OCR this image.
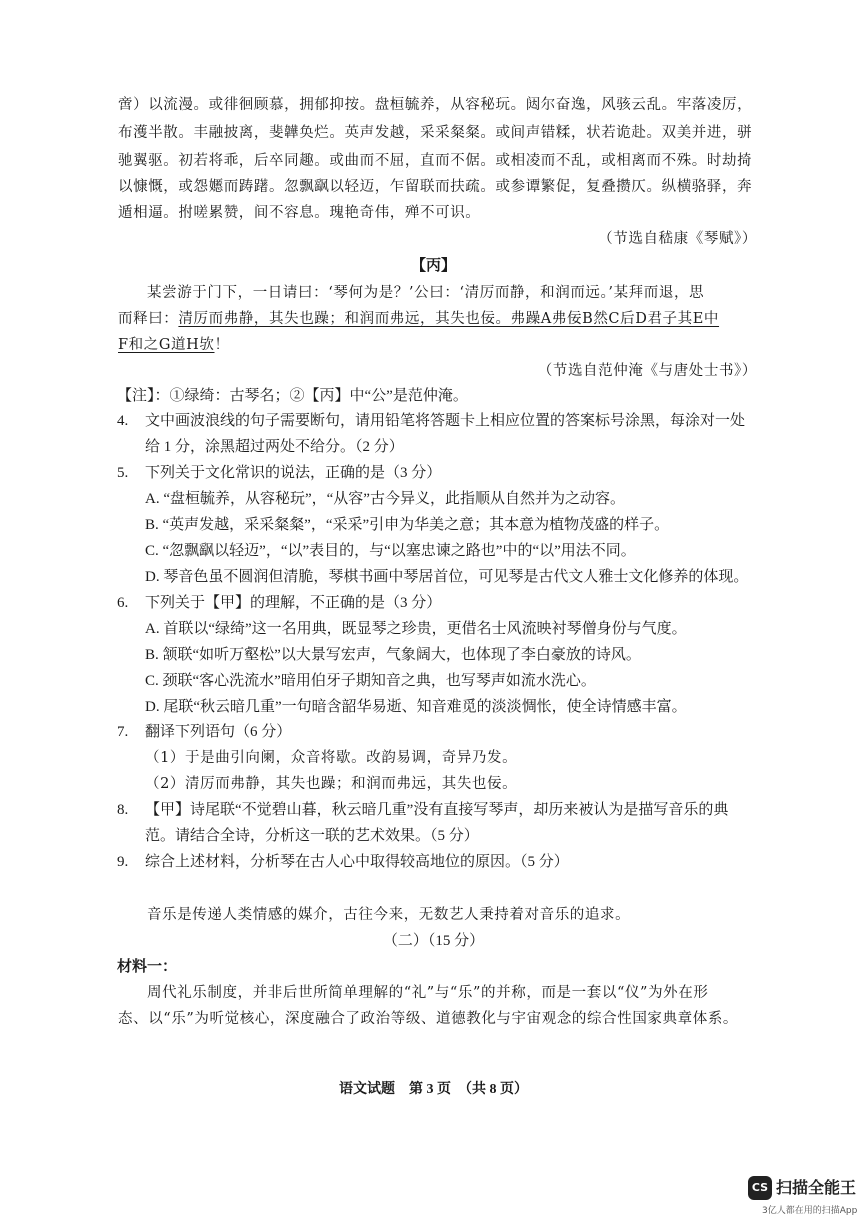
啻）以流漫。或徘徊顾慕，拥郁抑按。盘桓毓养，从容秘玩。闼尔奋逸，风骇云乱。牢落凌厉，
布濩半散。丰融披离，斐韡奂烂。英声发越，采采粲粲。或间声错糅，状若诡赴。双美并进，骈
驰翼驱。初若将乖，后卒同趣。或曲而不屈，直而不倨。或相凌而不乱，或相离而不殊。时劫掎
以慷慨，或怨嬺而踌躇。忽飘飖以轻迈，乍留联而扶疏。或参谭繁促，复叠攒仄。纵横骆驿，奔
遁相逼。拊嗟累赞，间不容息。瑰艳奇伟，殚不可识。
（节选自嵇康《琴赋》）
【丙】
某尝游于门下，一日请曰：‘琴何为是？’公曰：‘清厉而静，和润而远。’某拜而退，思
而释曰：清厉而弗静，其失也躁；和润而弗远，其失也佞。弗躁A弗佞B然C后D君子其E中
F和之G道H欤！
（节选自范仲淹《与唐处士书》）
【注】：①绿绮：古琴名；②【丙】中“公”是范仲淹。
4. 文中画波浪线的句子需要断句，请用铅笔将答题卡上相应位置的答案标号涂黑，每涂对一处
给 1 分，涂黑超过两处不给分。（2 分）
5. 下列关于文化常识的说法，正确的是（3 分）
A. “盘桓毓养，从容秘玩”，“从容”古今异义，此指顺从自然并为之动容。
B. “英声发越，采采粲粲”，“采采”引申为华美之意；其本意为植物茂盛的样子。
C. “忽飘飖以轻迈”，“以”表目的，与“以塞忠谏之路也”中的“以”用法不同。
D. 琴音色虽不圆润但清脆，琴棋书画中琴居首位，可见琴是古代文人雅士文化修养的体现。
6. 下列关于【甲】的理解，不正确的是（3 分）
A. 首联以“绿绮”这一名用典，既显琴之珍贵，更借名士风流映衬琴僧身份与气度。
B. 颔联“如听万壑松”以大景写宏声，气象阔大，也体现了李白豪放的诗风。
C. 颈联“客心洗流水”暗用伯牙子期知音之典，也写琴声如流水洗心。
D. 尾联“秋云暗几重”一句暗含韶华易逝、知音难觅的淡淡惆怅，使全诗情感丰富。
7. 翻译下列语句（6 分）
（1）于是曲引向阑，众音将歇。改韵易调，奇异乃发。
（2）清厉而弗静，其失也躁；和润而弗远，其失也佞。
8. 【甲】诗尾联“不觉碧山暮，秋云暗几重”没有直接写琴声，却历来被认为是描写音乐的典
范。请结合全诗，分析这一联的艺术效果。（5 分）
9. 综合上述材料，分析琴在古人心中取得较高地位的原因。（5 分）
音乐是传递人类情感的媒介，古往今来，无数艺人秉持着对音乐的追求。
（二）（15 分）
材料一：
周代礼乐制度，并非后世所简单理解的“礼”与“乐”的并称，而是一套以“仪”为外在形
态、以“乐”为听觉核心，深度融合了政治等级、道德教化与宇宙观念的综合性国家典章体系。
语文试题　第 3 页　（共 8 页）
CS 扫描全能王
3亿人都在用的扫描App
